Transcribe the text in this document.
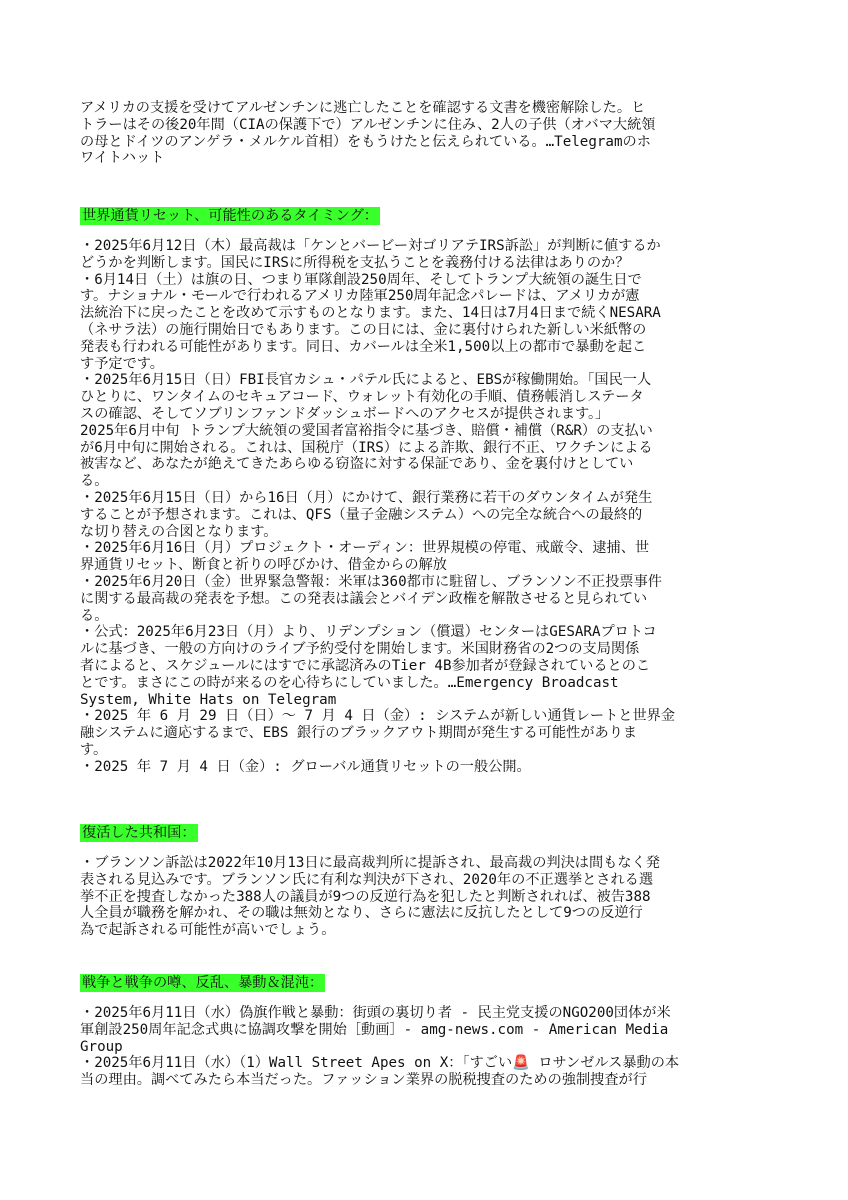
アメリカの支援を受けてアルゼンチンに逃亡したことを確認する文書を機密解除した。ヒ
トラーはその後20年間（CIAの保護下で）アルゼンチンに住み、2人の子供（オバマ大統領
の母とドイツのアンゲラ・メルケル首相）をもうけたと伝えられている。…Telegramのホ
ワイトハット

世界通貨リセット、可能性のあるタイミング：

・2025年6月12日（木）最高裁は「ケンとバービー対ゴリアテIRS訴訟」が判断に値するか
どうかを判断します。国民にIRSに所得税を支払うことを義務付ける法律はありのか？
・6月14日（土）は旗の日、つまり軍隊創設250周年、そしてトランプ大統領の誕生日で
す。ナショナル・モールで行われるアメリカ陸軍250周年記念パレードは、アメリカが憲
法統治下に戻ったことを改めて示すものとなります。また、14日は7月4日まで続くNESARA
（ネサラ法）の施行開始日でもあります。この日には、金に裏付けられた新しい米紙幣の
発表も行われる可能性があります。同日、カバールは全米1,500以上の都市で暴動を起こ
す予定です。
・2025年6月15日（日）FBI長官カシュ・パテル氏によると、EBSが稼働開始。「国民一人
ひとりに、ワンタイムのセキュアコード、ウォレット有効化の手順、債務帳消しステータ
スの確認、そしてソブリンファンドダッシュボードへのアクセスが提供されます。」
2025年6月中旬 トランプ大統領の愛国者富裕指令に基づき、賠償・補償（R&R）の支払い
が6月中旬に開始される。これは、国税庁（IRS）による詐欺、銀行不正、ワクチンによる
被害など、あなたが絶えてきたあらゆる窃盗に対する保証であり、金を裏付けとしてい
る。
・2025年6月15日（日）から16日（月）にかけて、銀行業務に若干のダウンタイムが発生
することが予想されます。これは、QFS（量子金融システム）への完全な統合への最終的
な切り替えの合図となります。
・2025年6月16日（月）プロジェクト・オーディン：世界規模の停電、戒厳令、逮捕、世
界通貨リセット、断食と祈りの呼びかけ、借金からの解放
・2025年6月20日（金）世界緊急警報：米軍は360都市に駐留し、ブランソン不正投票事件
に関する最高裁の発表を予想。この発表は議会とバイデン政権を解散させると見られてい
る。
・公式：2025年6月23日（月）より、リデンプション（償還）センターはGESARAプロトコ
ルに基づき、一般の方向けのライブ予約受付を開始します。米国財務省の2つの支局関係
者によると、スケジュールにはすでに承認済みのTier 4B参加者が登録されているとのこ
とです。まさにこの時が来るのを心待ちにしていました。…Emergency Broadcast
System, White Hats on Telegram
・2025 年 6 月 29 日（日）～ 7 月 4 日（金）: システムが新しい通貨レートと世界金
融システムに適応するまで、EBS 銀行のブラックアウト期間が発生する可能性がありま
す。
・2025 年 7 月 4 日（金）: グローバル通貨リセットの一般公開。

復活した共和国：

・ブランソン訴訟は2022年10月13日に最高裁判所に提訴され、最高裁の判決は間もなく発
表される見込みです。ブランソン氏に有利な判決が下され、2020年の不正選挙とされる選
挙不正を捜査しなかった388人の議員が9つの反逆行為を犯したと判断されれば、被告388
人全員が職務を解かれ、その職は無効となり、さらに憲法に反抗したとして9つの反逆行
為で起訴される可能性が高いでしょう。

戦争と戦争の噂、反乱、暴動＆混沌：

・2025年6月11日（水）偽旗作戦と暴動：街頭の裏切り者 - 民主党支援のNGO200団体が米
軍創設250周年記念式典に協調攻撃を開始［動画］- amg-news.com - American Media
Group
・2025年6月11日（水）（1）Wall Street Apes on X：「すごい🚨 ロサンゼルス暴動の本
当の理由。調べてみたら本当だった。ファッション業界の脱税捜査のための強制捜査が行
